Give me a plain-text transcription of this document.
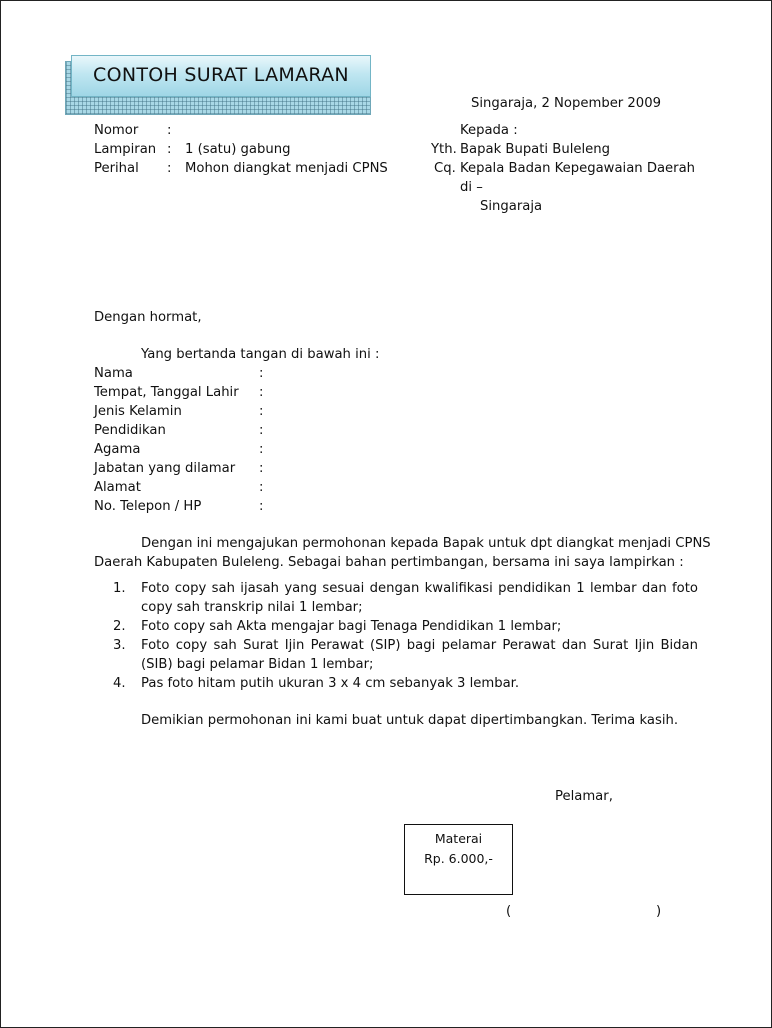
CONTOH SURAT LAMARAN
Singaraja, 2 Nopember 2009
Nomor :
Lampiran : 1 (satu) gabung
Perihal : Mohon diangkat menjadi CPNS
Kepada :
Yth. Bapak Bupati Buleleng
Cq. Kepala Badan Kepegawaian Daerah
di –
Singaraja
Dengan hormat,
Yang bertanda tangan di bawah ini :
Nama	:
Tempat, Tanggal Lahir :
Jenis Kelamin	:
Pendidikan	:
Agama	:
Jabatan yang dilamar :
Alamat	:
No. Telepon / HP	:
Dengan ini mengajukan permohonan kepada Bapak untuk dpt diangkat menjadi CPNS
Daerah Kabupaten Buleleng. Sebagai bahan pertimbangan, bersama ini saya lampirkan :
1. Foto copy sah ijasah yang sesuai dengan kwalifikasi pendidikan 1 lembar dan foto copy sah transkrip nilai 1 lembar;
2. Foto copy sah Akta mengajar bagi Tenaga Pendidikan 1 lembar;
3. Foto copy sah Surat Ijin Perawat (SIP) bagi pelamar Perawat dan Surat Ijin Bidan (SIB) bagi pelamar Bidan 1 lembar;
4. Pas foto hitam putih ukuran 3 x 4 cm sebanyak 3 lembar.
Demikian permohonan ini kami buat untuk dapat dipertimbangkan. Terima kasih.
Pelamar,
Materai
Rp. 6.000,-
(	)
